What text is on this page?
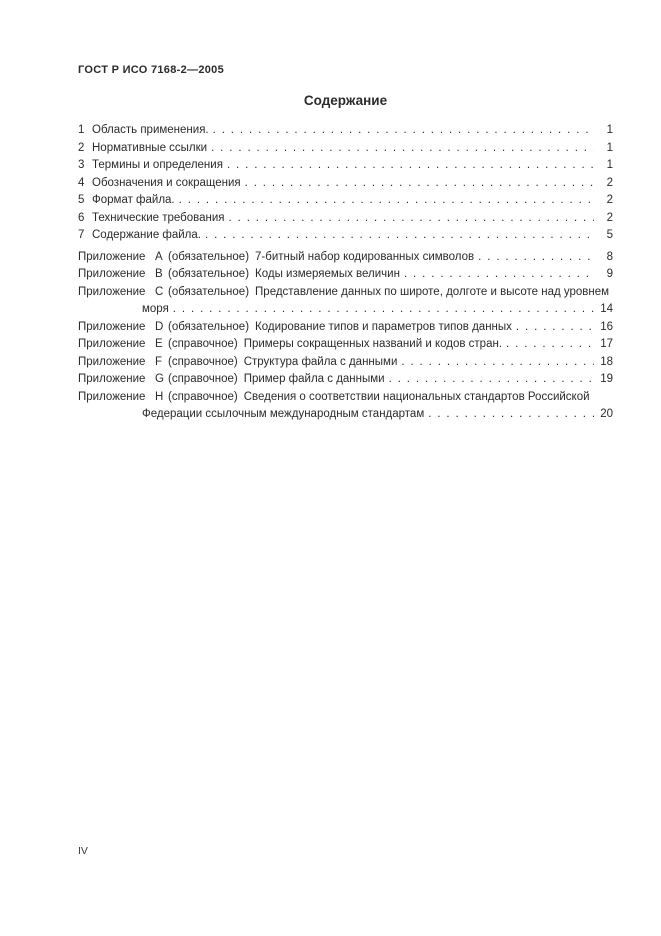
ГОСТ Р ИСО 7168-2—2005
Содержание
1 Область применения. . . .	1
2 Нормативные ссылки . . .	1
3 Термины и определения . . .	1
4 Обозначения и сокращения . . .	2
5 Формат файла. . . .	2
6 Технические требования . . .	2
7 Содержание файла. . . .	5
Приложение A (обязательное) 7-битный набор кодированных символов . . .	8
Приложение B (обязательное) Коды измеряемых величин . . .	9
Приложение C (обязательное) Представление данных по широте, долготе и высоте над уровнем
моря . . .	14
Приложение D (обязательное) Кодирование типов и параметров типов данных . . .	16
Приложение E (справочное) Примеры сокращенных названий и кодов стран. . . .	17
Приложение F (справочное) Структура файла с данными . . .	18
Приложение G (справочное) Пример файла с данными . . .	19
Приложение H (справочное) Сведения о соответствии национальных стандартов Российской
Федерации ссылочным международным стандартам . . .	20
IV
